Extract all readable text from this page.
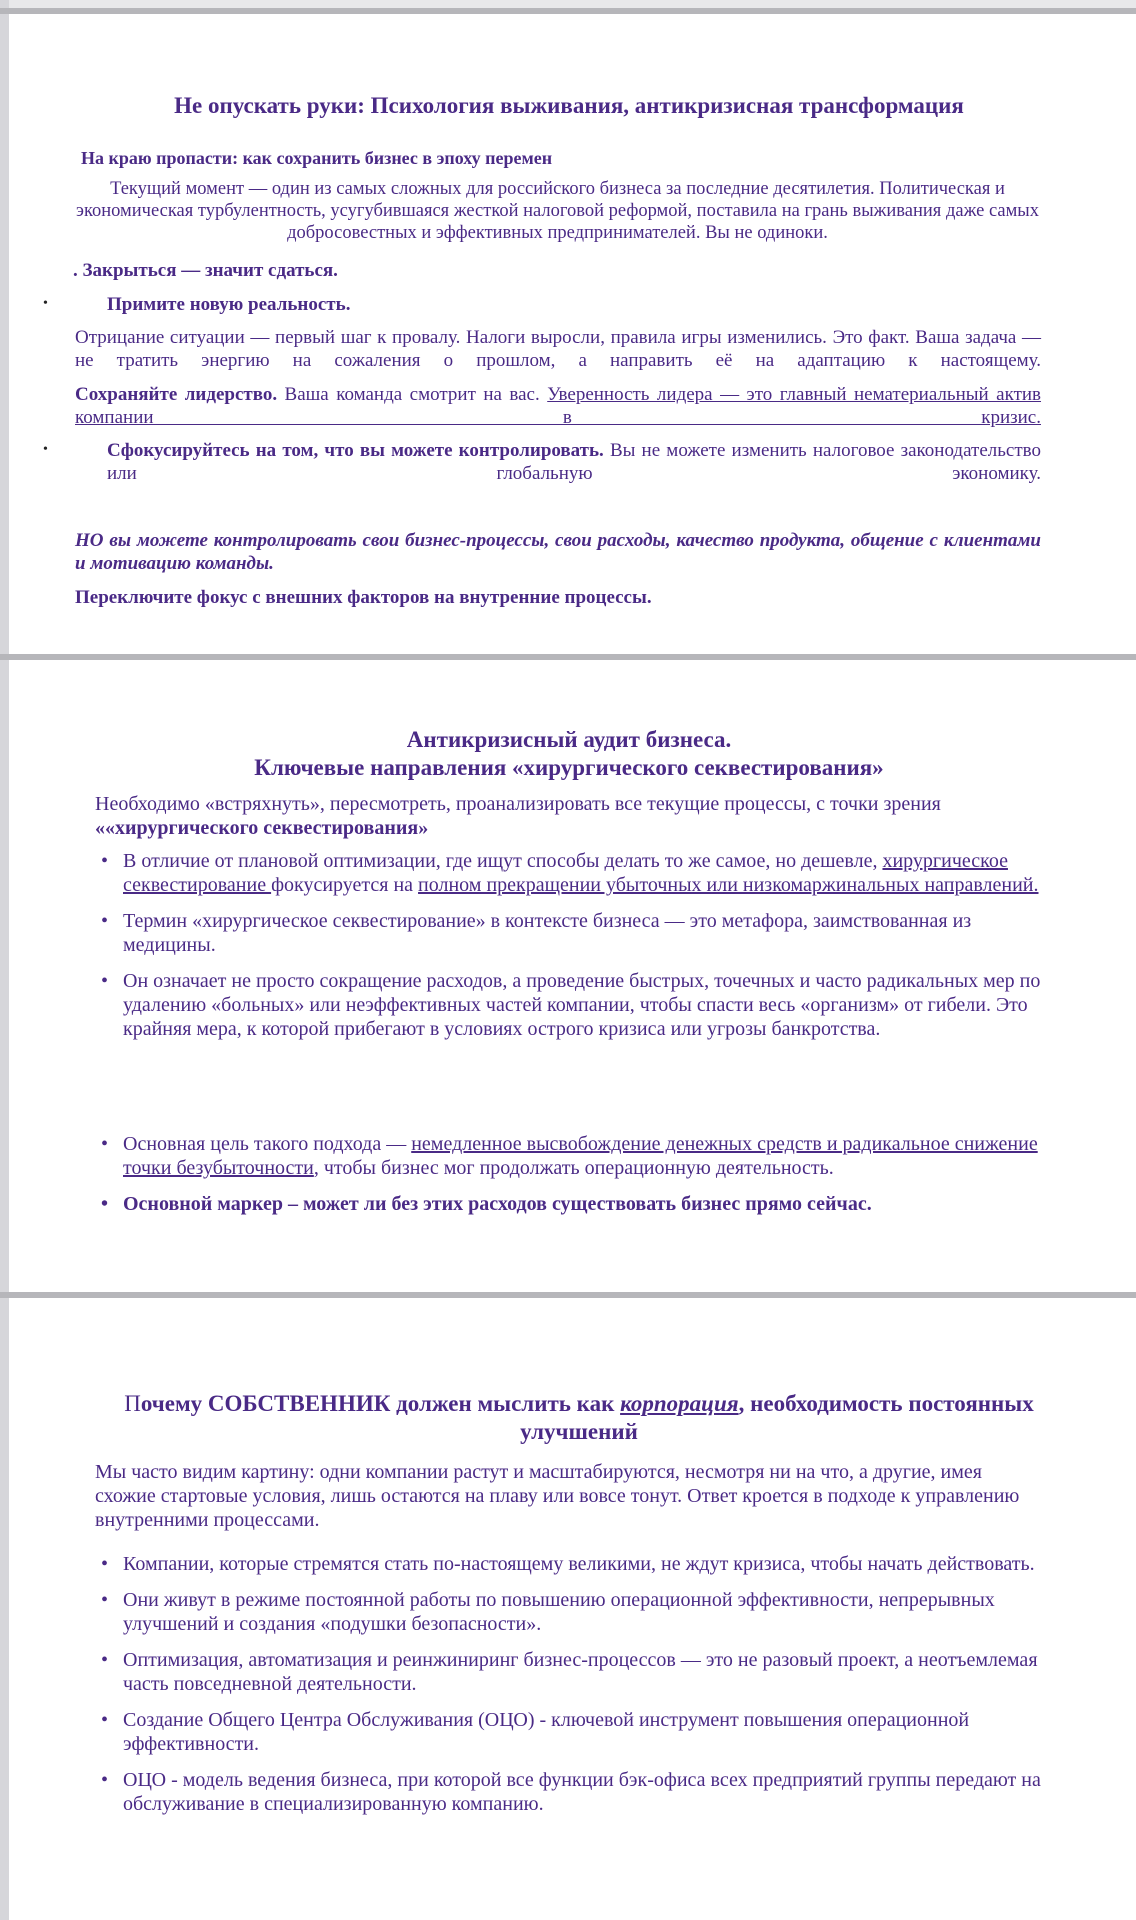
Не опускать руки: Психология выживания, антикризисная трансформация
На краю пропасти: как сохранить бизнес в эпоху перемен
Текущий момент — один из самых сложных для российского бизнеса за последние десятилетия. Политическая и экономическая турбулентность, усугубившаяся жесткой налоговой реформой, поставила на грань выживания даже самых добросовестных и эффективных предпринимателей. Вы не одиноки.
. Закрыться — значит сдаться.
•	Примите новую реальность.
Отрицание ситуации — первый шаг к провалу. Налоги выросли, правила игры изменились. Это факт. Ваша задача — не тратить энергию на сожаления о прошлом, а направить её на адаптацию к настоящему.
Сохраняйте лидерство. Ваша команда смотрит на вас. Уверенность лидера — это главный нематериальный актив компании в кризис.
•	Сфокусируйтесь на том, что вы можете контролировать. Вы не можете изменить налоговое законодательство или глобальную экономику.
НО вы можете контролировать свои бизнес-процессы, свои расходы, качество продукта, общение с клиентами и мотивацию команды.
Переключите фокус с внешних факторов на внутренние процессы.
Антикризисный аудит бизнеса.
Ключевые направления «хирургического секвестирования»
Необходимо «встряхнуть», пересмотреть, проанализировать все текущие процессы, с точки зрения ««хирургического секвестирования»
• В отличие от плановой оптимизации, где ищут способы делать то же самое, но дешевле, хирургическое секвестирование фокусируется на полном прекращении убыточных или низкомаржинальных направлений.
• Термин «хирургическое секвестирование» в контексте бизнеса — это метафора, заимствованная из медицины.
• Он означает не просто сокращение расходов, а проведение быстрых, точечных и часто радикальных мер по удалению «больных» или неэффективных частей компании, чтобы спасти весь «организм» от гибели. Это крайняя мера, к которой прибегают в условиях острого кризиса или угрозы банкротства.
• Основная цель такого подхода — немедленное высвобождение денежных средств и радикальное снижение точки безубыточности, чтобы бизнес мог продолжать операционную деятельность.
• Основной маркер – может ли без этих расходов существовать бизнес прямо сейчас.
Почему СОБСТВЕННИК должен мыслить как корпорация, необходимость постоянных улучшений
Мы часто видим картину: одни компании растут и масштабируются, несмотря ни на что, а другие, имея схожие стартовые условия, лишь остаются на плаву или вовсе тонут. Ответ кроется в подходе к управлению внутренними процессами.
• Компании, которые стремятся стать по-настоящему великими, не ждут кризиса, чтобы начать действовать.
• Они живут в режиме постоянной работы по повышению операционной эффективности, непрерывных улучшений и создания «подушки безопасности».
• Оптимизация, автоматизация и реинжиниринг бизнес-процессов — это не разовый проект, а неотъемлемая часть повседневной деятельности.
• Создание Общего Центра Обслуживания (ОЦО) - ключевой инструмент повышения операционной эффективности.
• ОЦО - модель ведения бизнеса, при которой все функции бэк-офиса всех предприятий группы передают на обслуживание в специализированную компанию.
